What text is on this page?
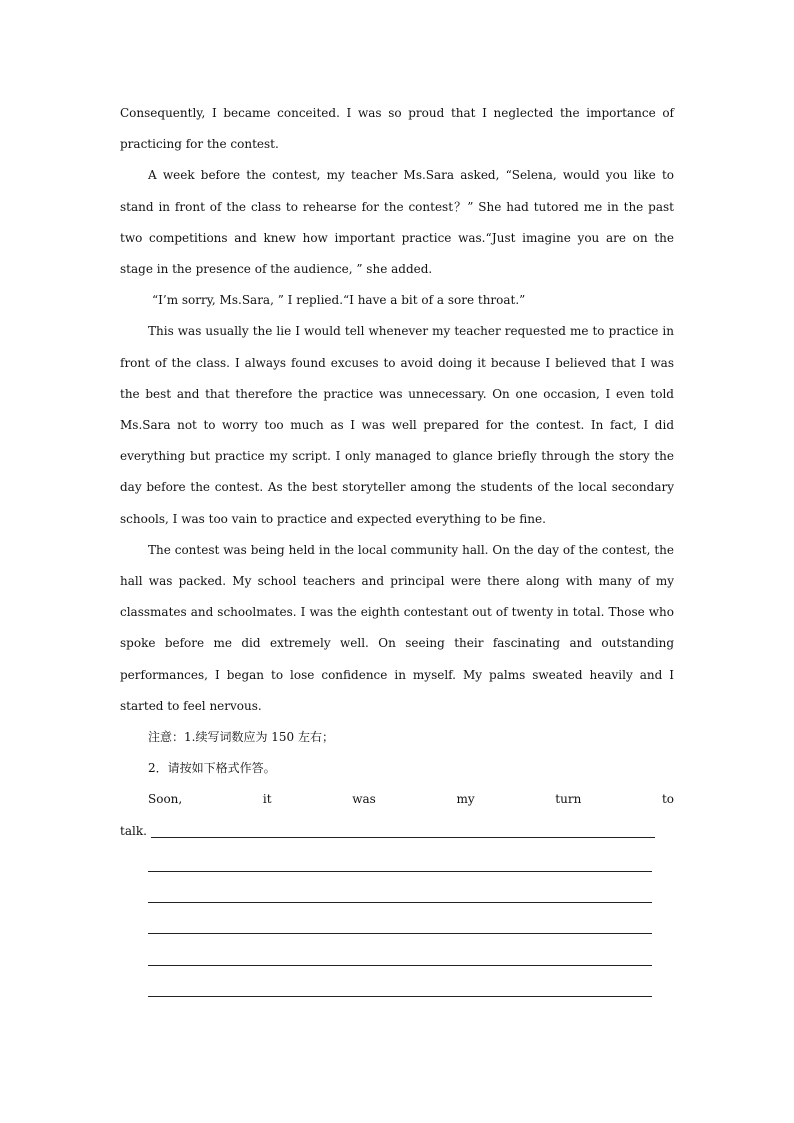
Consequently, I became conceited. I was so proud that I neglected the importance of practicing for the contest.

A week before the contest, my teacher Ms.Sara asked, “Selena, would you like to stand in front of the class to rehearse for the contest？” She had tutored me in the past two competitions and knew how important practice was.“Just imagine you are on the stage in the presence of the audience, ” she added.

“I’m sorry, Ms.Sara, ” I replied.“I have a bit of a sore throat.”

This was usually the lie I would tell whenever my teacher requested me to practice in front of the class. I always found excuses to avoid doing it because I believed that I was the best and that therefore the practice was unnecessary. On one occasion, I even told Ms.Sara not to worry too much as I was well prepared for the contest. In fact, I did everything but practice my script. I only managed to glance briefly through the story the day before the contest. As the best storyteller among the students of the local secondary schools, I was too vain to practice and expected everything to be fine.

The contest was being held in the local community hall. On the day of the contest, the hall was packed. My school teachers and principal were there along with many of my classmates and schoolmates. I was the eighth contestant out of twenty in total. Those who spoke before me did extremely well. On seeing their fascinating and outstanding performances, I began to lose confidence in myself. My palms sweated heavily and I started to feel nervous.

注意：1.续写词数应为 150 左右；

2．请按如下格式作答。

Soon,	it	was	my	turn	to
talk.
